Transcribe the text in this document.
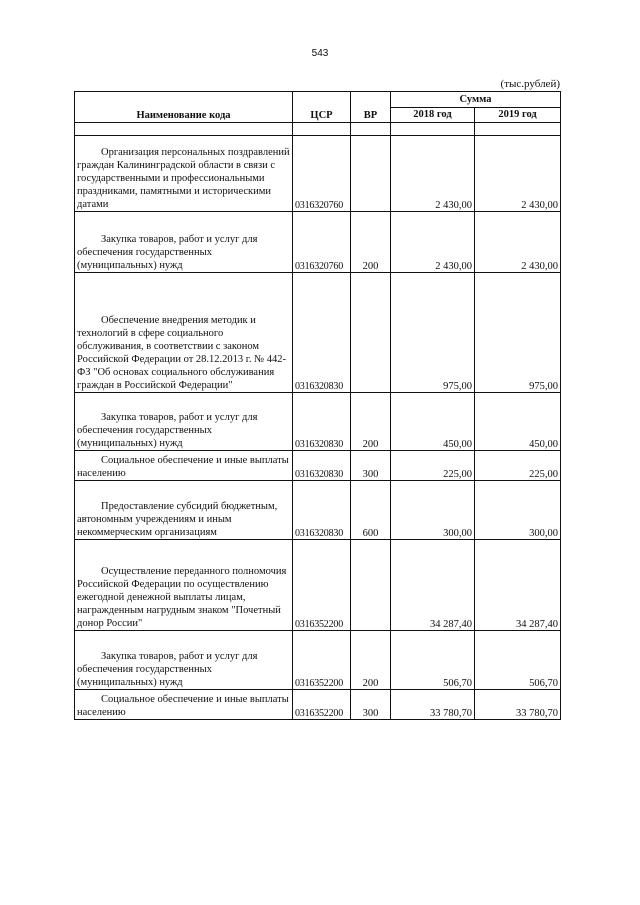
543
(тыс.рублей)
Наименование кода	ЦСР	ВР	Сумма	
			2018 год	2019 год

Организация персональных поздравлений граждан Калининградской области в связи с государственными и профессиональными праздниками, памятными и историческими датами	0316320760		2 430,00	2 430,00
Закупка товаров, работ и услуг для обеспечения государственных (муниципальных) нужд	0316320760	200	2 430,00	2 430,00
Обеспечение внедрения методик и технологий в сфере социального обслуживания, в соответствии с законом Российской Федерации от 28.12.2013 г. № 442-ФЗ "Об основах социального обслуживания граждан в Российской Федерации"	0316320830		975,00	975,00
Закупка товаров, работ и услуг для обеспечения государственных (муниципальных) нужд	0316320830	200	450,00	450,00
Социальное обеспечение и иные выплаты населению	0316320830	300	225,00	225,00
Предоставление субсидий бюджетным, автономным учреждениям и иным некоммерческим организациям	0316320830	600	300,00	300,00
Осуществление переданного полномочия Российской Федерации по осуществлению ежегодной денежной выплаты лицам, награжденным нагрудным знаком "Почетный донор России"	0316352200		34 287,40	34 287,40
Закупка товаров, работ и услуг для обеспечения государственных (муниципальных) нужд	0316352200	200	506,70	506,70
Социальное обеспечение и иные выплаты населению	0316352200	300	33 780,70	33 780,70
